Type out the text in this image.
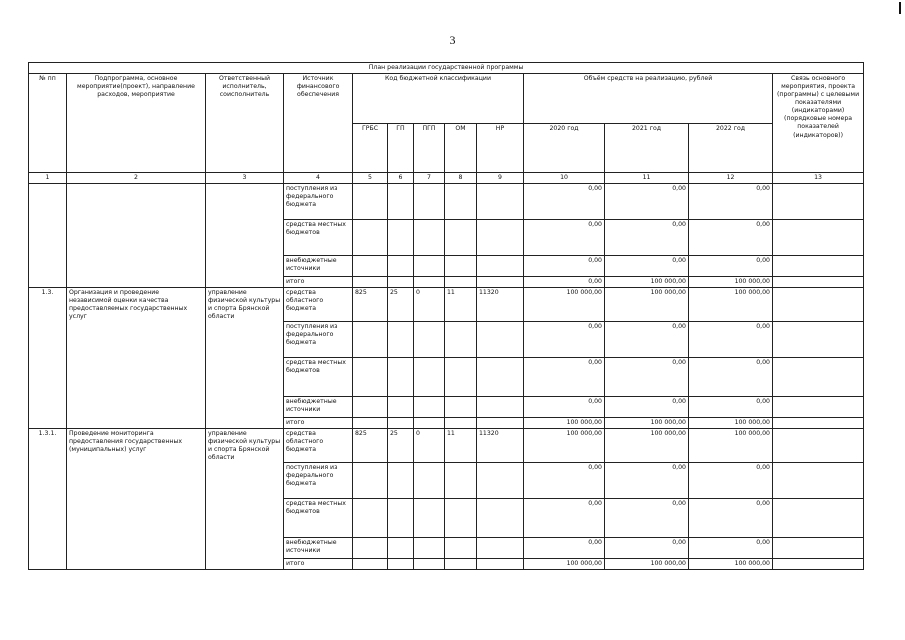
3
План реализации государственной программы												
№ пп	Подпрограмма, основное мероприятие(проект), направление расходов, мероприятие	Ответственный исполнитель, соисполнитель	Источник финансового обеспечения	Код бюджетной классификации					Объём средств на реализацию, рублей			Связь основного мероприятия, проекта (программы) с целевыми показателями (индикаторами) (порядковые номера показателей (индикаторов))
				ГРБС	ГП	ПГП	ОМ	НР	2020 год	2021 год	2022 год	
1	2	3	4	5	6	7	8	9	10	11	12	13
			поступления из федерального бюджета						0,00	0,00	0,00	
			средства местных бюджетов						0,00	0,00	0,00	
			внебюджетные источники						0,00	0,00	0,00	
			итого						0,00	100 000,00	100 000,00	
1.3.	Организация и проведение независимой оценки качества предоставляемых государственных услуг	управление физической культуры и спорта Брянской области	средства областного бюджета	825	25	0	11	11320	100 000,00	100 000,00	100 000,00	
			поступления из федерального бюджета						0,00	0,00	0,00	
			средства местных бюджетов						0,00	0,00	0,00	
			внебюджетные источники						0,00	0,00	0,00	
			итого						100 000,00	100 000,00	100 000,00	
1.3.1.	Проведение мониторинга предоставления государственных (муниципальных) услуг	управление физической культуры и спорта Брянской области	средства областного бюджета	825	25	0	11	11320	100 000,00	100 000,00	100 000,00	
			поступления из федерального бюджета						0,00	0,00	0,00	
			средства местных бюджетов						0,00	0,00	0,00	
			внебюджетные источники						0,00	0,00	0,00	
			итого						100 000,00	100 000,00	100 000,00	
